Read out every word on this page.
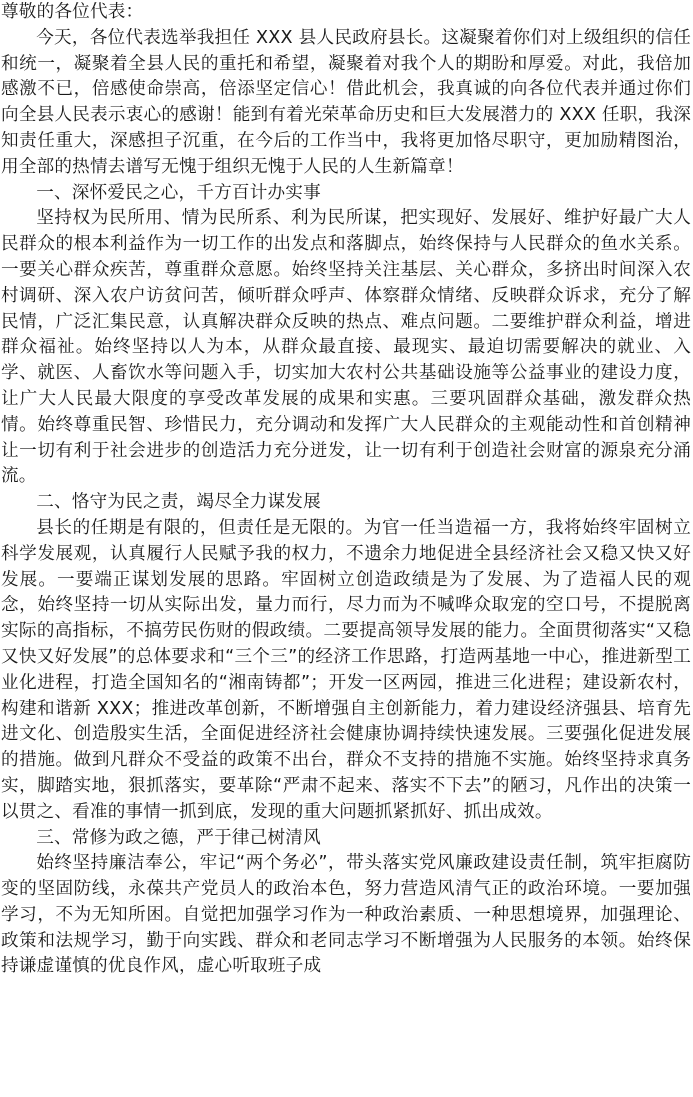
尊敬的各位代表：

今天，各位代表选举我担任 XXX 县人民政府县长。这凝聚着你们对上级组织的信任和统一，凝聚着全县人民的重托和希望，凝聚着对我个人的期盼和厚爱。对此，我倍加感激不已，倍感使命崇高，倍添坚定信心！借此机会，我真诚的向各位代表并通过你们向全县人民表示衷心的感谢！能到有着光荣革命历史和巨大发展潜力的 XXX 任职，我深知责任重大，深感担子沉重，在今后的工作当中，我将更加恪尽职守，更加励精图治，用全部的热情去谱写无愧于组织无愧于人民的人生新篇章！

一、深怀爱民之心，千方百计办实事

坚持权为民所用、情为民所系、利为民所谋，把实现好、发展好、维护好最广大人民群众的根本利益作为一切工作的出发点和落脚点，始终保持与人民群众的鱼水关系。一要关心群众疾苦，尊重群众意愿。始终坚持关注基层、关心群众，多挤出时间深入农村调研、深入农户访贫问苦，倾听群众呼声、体察群众情绪、反映群众诉求，充分了解民情，广泛汇集民意，认真解决群众反映的热点、难点问题。二要维护群众利益，增进群众福祉。始终坚持以人为本，从群众最直接、最现实、最迫切需要解决的就业、入学、就医、人畜饮水等问题入手，切实加大农村公共基础设施等公益事业的建设力度，让广大人民最大限度的享受改革发展的成果和实惠。三要巩固群众基础，激发群众热情。始终尊重民智、珍惜民力，充分调动和发挥广大人民群众的主观能动性和首创精神让一切有利于社会进步的创造活力充分迸发，让一切有利于创造社会财富的源泉充分涌流。

二、恪守为民之责，竭尽全力谋发展

县长的任期是有限的，但责任是无限的。为官一任当造福一方，我将始终牢固树立科学发展观，认真履行人民赋予我的权力，不遗余力地促进全县经济社会又稳又快又好发展。一要端正谋划发展的思路。牢固树立创造政绩是为了发展、为了造福人民的观念，始终坚持一切从实际出发，量力而行，尽力而为不喊哗众取宠的空口号，不提脱离实际的高指标，不搞劳民伤财的假政绩。二要提高领导发展的能力。全面贯彻落实“又稳又快又好发展”的总体要求和“三个三”的经济工作思路，打造两基地一中心，推进新型工业化进程，打造全国知名的“湘南铸都”；开发一区两园，推进三化进程；建设新农村，构建和谐新 XXX；推进改革创新，不断增强自主创新能力，着力建设经济强县、培育先进文化、创造殷实生活，全面促进经济社会健康协调持续快速发展。三要强化促进发展的措施。做到凡群众不受益的政策不出台，群众不支持的措施不实施。始终坚持求真务实，脚踏实地，狠抓落实，要革除“严肃不起来、落实不下去”的陋习，凡作出的决策一以贯之、看准的事情一抓到底，发现的重大问题抓紧抓好、抓出成效。

三、常修为政之德，严于律己树清风

始终坚持廉洁奉公，牢记“两个务必”，带头落实党风廉政建设责任制，筑牢拒腐防变的坚固防线，永葆共产党员人的政治本色，努力营造风清气正的政治环境。一要加强学习，不为无知所困。自觉把加强学习作为一种政治素质、一种思想境界，加强理论、政策和法规学习，勤于向实践、群众和老同志学习不断增强为人民服务的本领。始终保持谦虚谨慎的优良作风，虚心听取班子成
